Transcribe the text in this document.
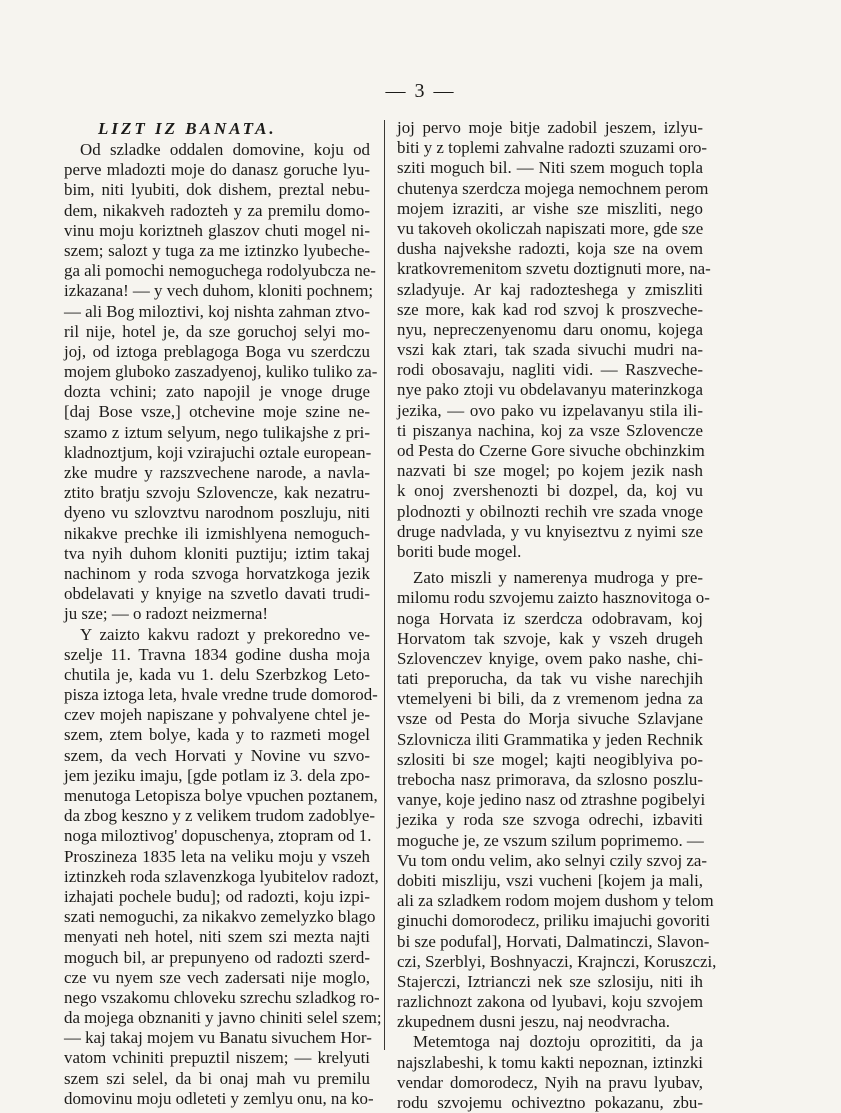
— 3 —
LIZT IZ BANATA.
Od szladke oddalen domovine, koju od
perve mladozti moje do danasz goruche lyu-
bim, niti lyubiti, dok dishem, preztal nebu-
dem, nikakveh radozteh y za premilu domo-
vinu moju koriztneh glaszov chuti mogel ni-
szem; salozt y tuga za me iztinzko lyubeche-
ga ali pomochi nemoguchega rodolyubcza ne-
izkazana! — y vech duhom, kloniti pochnem;
— ali Bog miloztivi, koj nishta zahman ztvo-
ril nije, hotel je, da sze goruchoj selyi mo-
joj, od iztoga preblagoga Boga vu szerdczu
mojem gluboko zaszadyenoj, kuliko tuliko za-
dozta vchini; zato napojil je vnoge druge
[daj Bose vsze,] otchevine moje szine ne-
szamo z iztum selyum, nego tulikajshe z pri-
kladnoztjum, koji vzirajuchi oztale european-
zke mudre y razszvechene narode, a navla-
ztito bratju szvoju Szlovencze, kak nezatru-
dyeno vu szlovztvu narodnom poszluju, niti
nikakve prechke ili izmishlyena nemoguch-
tva nyih duhom kloniti puztiju; iztim takaj
nachinom y roda szvoga horvatzkoga jezik
obdelavati y knyige na szvetlo davati trudi-
ju sze; — o radozt neizmerna!
Y zaizto kakvu radozt y prekoredno ve-
szelje 11. Travna 1834 godine dusha moja
chutila je, kada vu 1. delu Szerbzkog Leto-
pisza iztoga leta, hvale vredne trude domorod-
czev mojeh napiszane y pohvalyene chtel je-
szem, ztem bolye, kada y to razmeti mogel
szem, da vech Horvati y Novine vu szvo-
jem jeziku imaju, [gde potlam iz 3. dela zpo-
menutoga Letopisza bolye vpuchen poztanem,
da zbog keszno y z velikem trudom zadoblye-
noga miloztivog' dopuschenya, ztopram od 1.
Proszineza 1835 leta na veliku moju y vszeh
iztinzkeh roda szlavenzkoga lyubitelov radozt,
izhajati pochele budu]; od radozti, koju izpi-
szati nemoguchi, za nikakvo zemelyzko blago
menyati neh hotel, niti szem szi mezta najti
moguch bil, ar prepunyeno od radozti szerd-
cze vu nyem sze vech zadersati nije moglo,
nego vszakomu chloveku szrechu szladkog ro-
da mojega obznaniti y javno chiniti selel szem;
— kaj takaj mojem vu Banatu sivuchem Hor-
vatom vchiniti prepuztil niszem; — krelyuti
szem szi selel, da bi onaj mah vu premilu
domovinu moju odleteti y zemlyu onu, na ko-
joj pervo moje bitje zadobil jeszem, izlyu-
biti y z toplemi zahvalne radozti szuzami oro-
sziti moguch bil. — Niti szem moguch topla
chutenya szerdcza mojega nemochnem perom
mojem izraziti, ar vishe sze miszliti, nego
vu takoveh okoliczah napiszati more, gde sze
dusha najvekshe radozti, koja sze na ovem
kratkovremenitom szvetu doztignuti more, na-
szladyuje. Ar kaj radozteshega y zmiszliti
sze more, kak kad rod szvoj k proszveche-
nyu, nepreczenyenomu daru onomu, kojega
vszi kak ztari, tak szada sivuchi mudri na-
rodi obosavaju, nagliti vidi. — Raszveche-
nye pako ztoji vu obdelavanyu materinzkoga
jezika, — ovo pako vu izpelavanyu stila ili-
ti piszanya nachina, koj za vsze Szlovencze
od Pesta do Czerne Gore sivuche obchinzkim
nazvati bi sze mogel; po kojem jezik nash
k onoj zvershenozti bi dozpel, da, koj vu
plodnozti y obilnozti rechih vre szada vnoge
druge nadvlada, y vu knyiseztvu z nyimi sze
boriti bude mogel.
Zato miszli y namerenya mudroga y pre-
milomu rodu szvojemu zaizto hasznovitoga o-
noga Horvata iz szerdcza odobravam, koj
Horvatom tak szvoje, kak y vszeh drugeh
Szlovenczev knyige, ovem pako nashe, chi-
tati preporucha, da tak vu vishe narechjih
vtemelyeni bi bili, da z vremenom jedna za
vsze od Pesta do Morja sivuche Szlavjane
Szlovnicza iliti Grammatika y jeden Rechnik
szlositi bi sze mogel; kajti neogiblyiva po-
trebocha nasz primorava, da szlosno poszlu-
vanye, koje jedino nasz od ztrashne pogibelyi
jezika y roda sze szvoga odrechi, izbaviti
moguche je, ze vszum szilum poprimemo. —
Vu tom ondu velim, ako selnyi czily szvoj za-
dobiti miszliju, vszi vucheni [kojem ja mali,
ali za szladkem rodom mojem dushom y telom
ginuchi domorodecz, priliku imajuchi govoriti
bi sze podufal], Horvati, Dalmatinczi, Slavon-
czi, Szerblyi, Boshnyaczi, Krajnczi, Koruszczi,
Stajerczi, Iztrianczi nek sze szlosiju, niti ih
razlichnozt zakona od lyubavi, koju szvojem
zkupednem dusni jeszu, naj neodvracha.
Metemtoga naj doztoju oprozititi, da ja
najszlabeshi, k tomu kakti nepoznan, iztinzki
vendar domorodecz, Nyih na pravu lyubav,
rodu szvojemu ochiveztno pokazanu, zbu-
